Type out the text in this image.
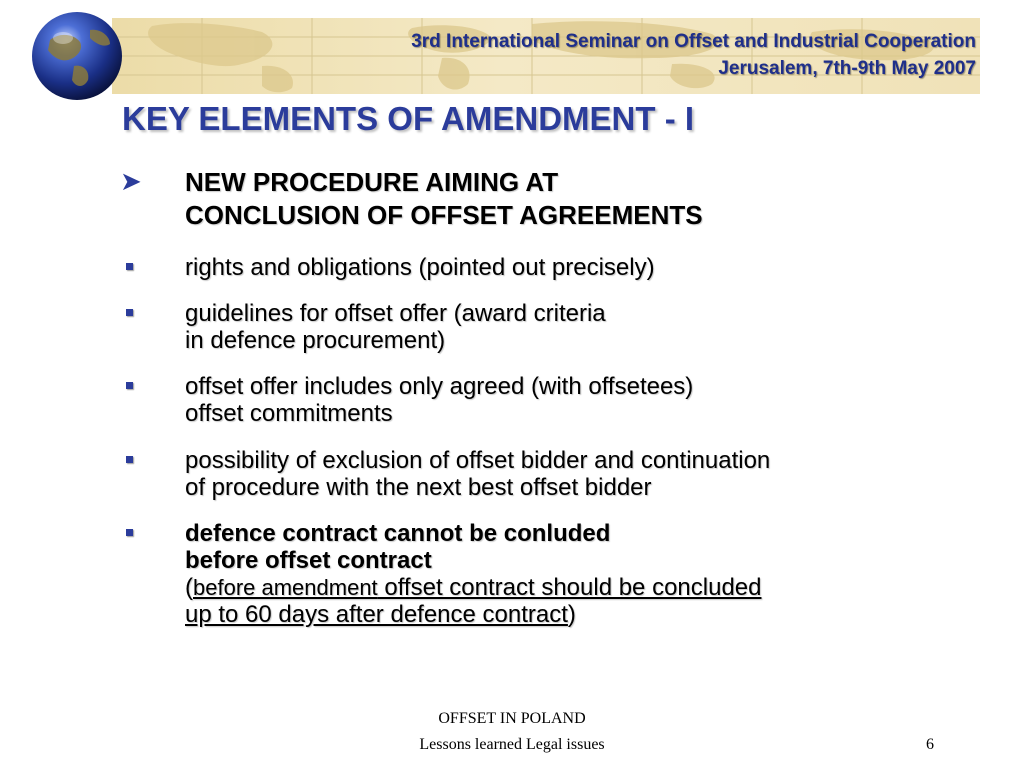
3rd International Seminar on Offset and Industrial Cooperation
Jerusalem, 7th-9th May 2007
KEY ELEMENTS OF AMENDMENT - I
➤ NEW PROCEDURE AIMING AT
CONCLUSION OF OFFSET AGREEMENTS
rights and obligations (pointed out precisely)
guidelines for offset offer (award criteria
in defence procurement)
offset offer includes only agreed (with offsetees)
offset commitments
possibility of exclusion of offset bidder and continuation
of procedure with the next best offset bidder
defence contract cannot be conluded
before offset contract
(before amendment offset contract should be concluded
up to 60 days after defence contract)
OFFSET IN POLAND
Lessons learned Legal issues	6
